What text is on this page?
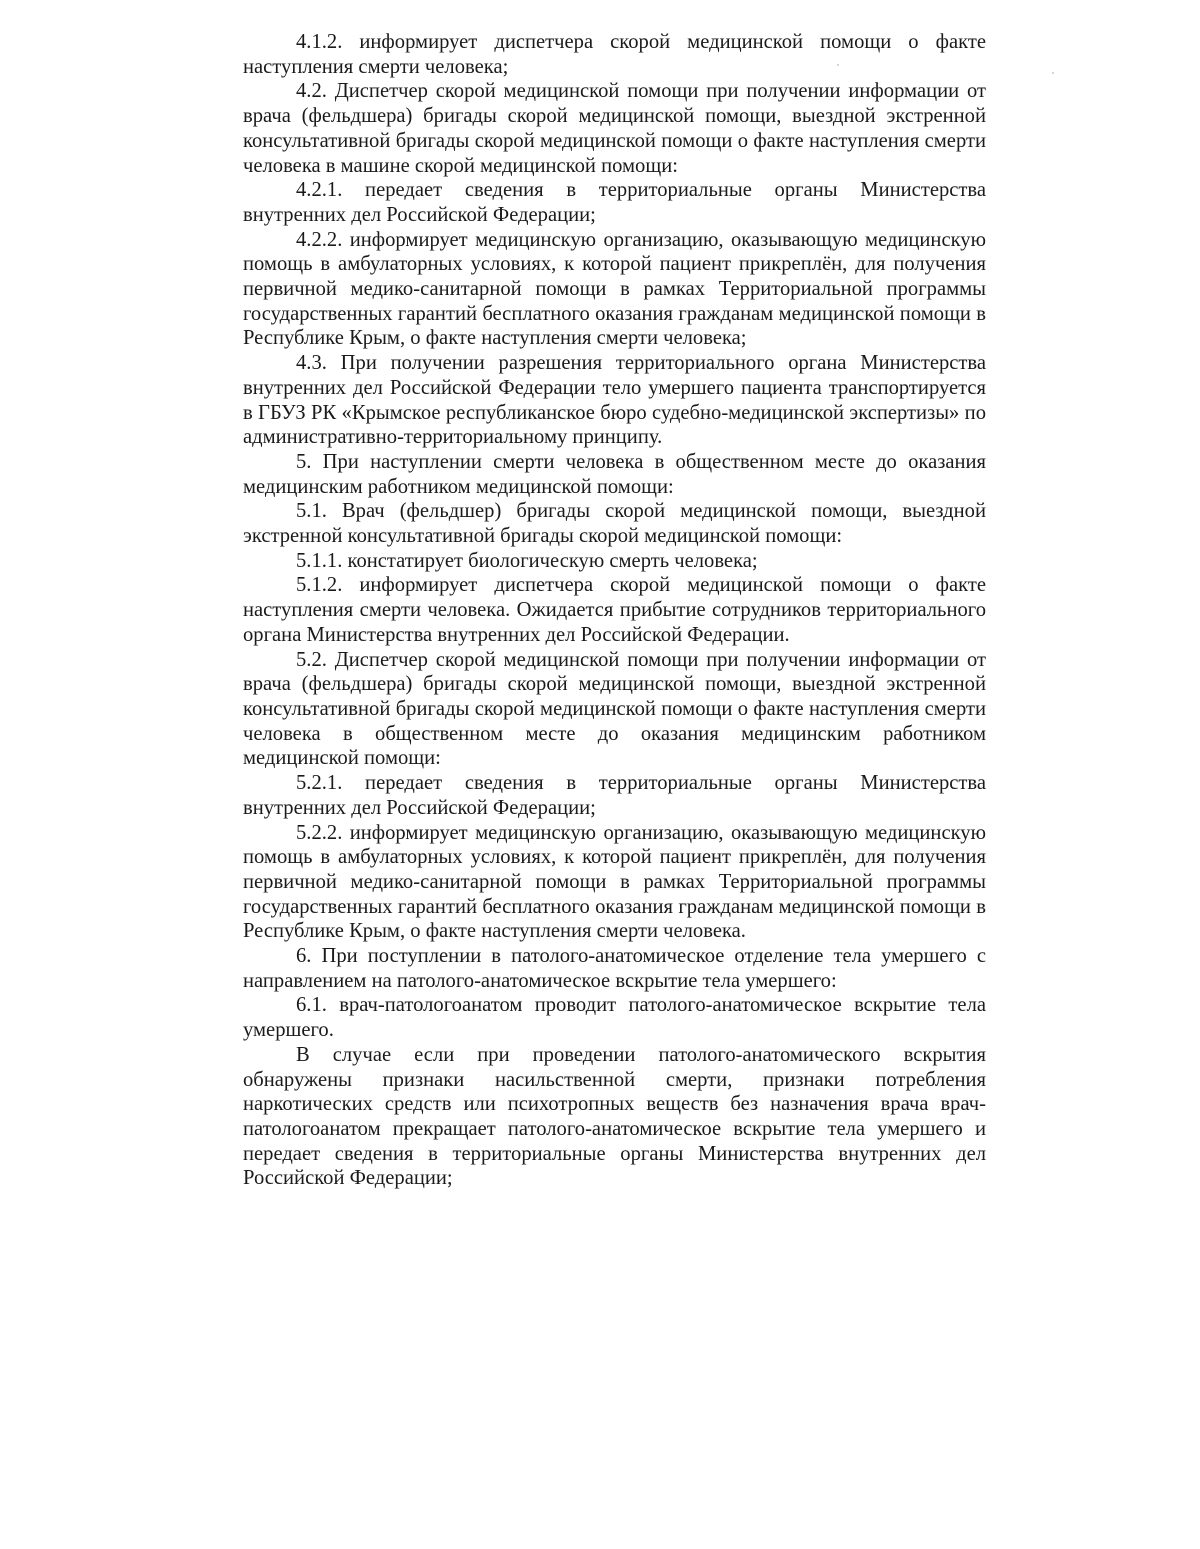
4.1.2. информирует диспетчера скорой медицинской помощи о факте наступления смерти человека;

4.2. Диспетчер скорой медицинской помощи при получении информации от врача (фельдшера) бригады скорой медицинской помощи, выездной экстренной консультативной бригады скорой медицинской помощи о факте наступления смерти человека в машине скорой медицинской помощи:

4.2.1. передает сведения в территориальные органы Министерства внутренних дел Российской Федерации;

4.2.2. информирует медицинскую организацию, оказывающую медицинскую помощь в амбулаторных условиях, к которой пациент прикреплён, для получения первичной медико-санитарной помощи в рамках Территориальной программы государственных гарантий бесплатного оказания гражданам медицинской помощи в Республике Крым, о факте наступления смерти человека;

4.3. При получении разрешения территориального органа Министерства внутренних дел Российской Федерации тело умершего пациента транспортируется в ГБУЗ РК «Крымское республиканское бюро судебно-медицинской экспертизы» по административно-территориальному принципу.

5. При наступлении смерти человека в общественном месте до оказания медицинским работником медицинской помощи:

5.1. Врач (фельдшер) бригады скорой медицинской помощи, выездной экстренной консультативной бригады скорой медицинской помощи:

5.1.1. констатирует биологическую смерть человека;

5.1.2. информирует диспетчера скорой медицинской помощи о факте наступления смерти человека. Ожидается прибытие сотрудников территориального органа Министерства внутренних дел Российской Федерации.

5.2. Диспетчер скорой медицинской помощи при получении информации от врача (фельдшера) бригады скорой медицинской помощи, выездной экстренной консультативной бригады скорой медицинской помощи о факте наступления смерти человека в общественном месте до оказания медицинским работником медицинской помощи:

5.2.1. передает сведения в территориальные органы Министерства внутренних дел Российской Федерации;

5.2.2. информирует медицинскую организацию, оказывающую медицинскую помощь в амбулаторных условиях, к которой пациент прикреплён, для получения первичной медико-санитарной помощи в рамках Территориальной программы государственных гарантий бесплатного оказания гражданам медицинской помощи в Республике Крым, о факте наступления смерти человека.

6. При поступлении в патолого-анатомическое отделение тела умершего с направлением на патолого-анатомическое вскрытие тела умершего:

6.1. врач-патологоанатом проводит патолого-анатомическое вскрытие тела умершего.

В случае если при проведении патолого-анатомического вскрытия обнаружены признаки насильственной смерти, признаки потребления наркотических средств или психотропных веществ без назначения врача врач-патологоанатом прекращает патолого-анатомическое вскрытие тела умершего и передает сведения в территориальные органы Министерства внутренних дел Российской Федерации;
